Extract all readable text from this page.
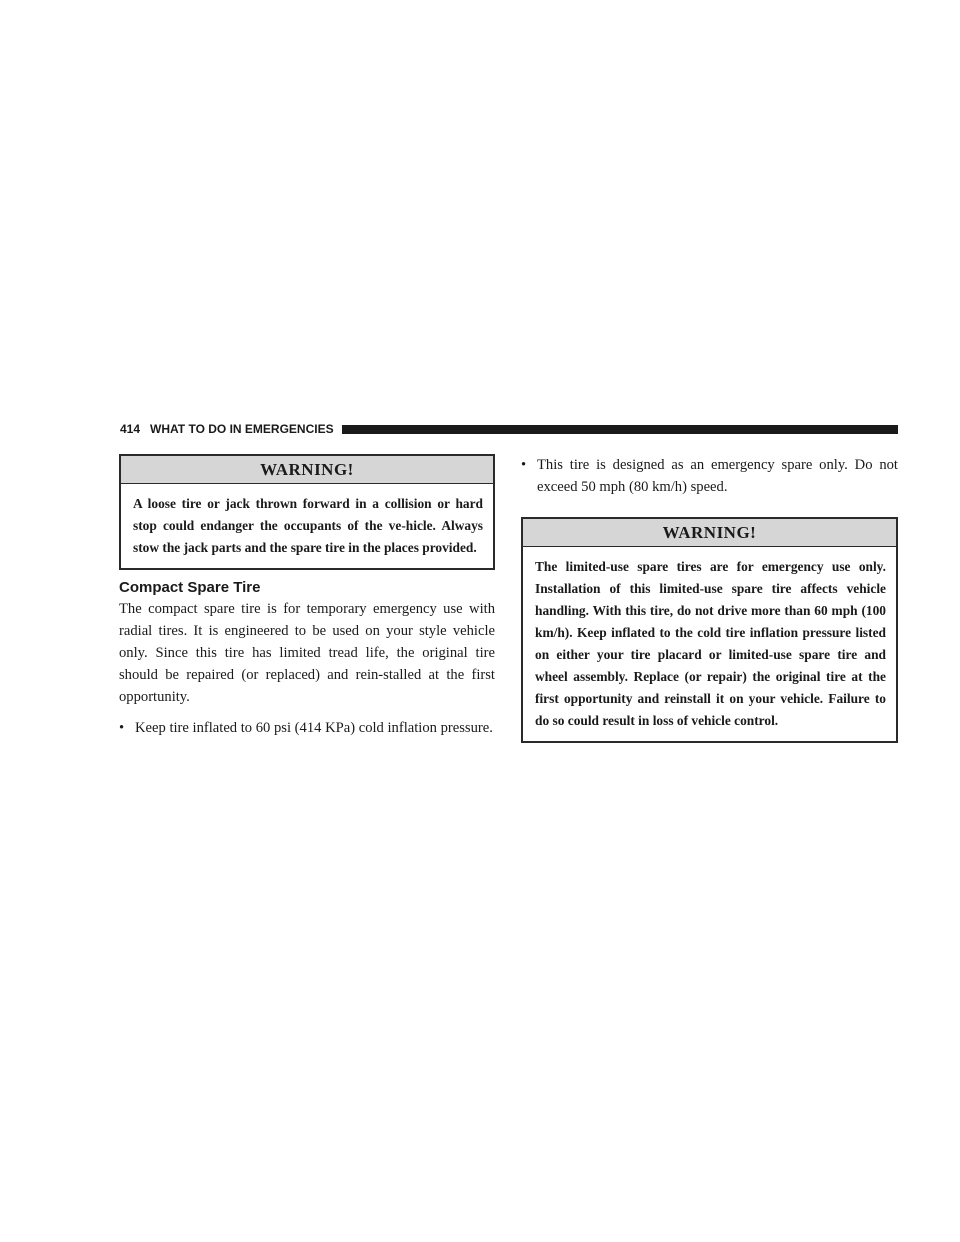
414 WHAT TO DO IN EMERGENCIES
WARNING!
A loose tire or jack thrown forward in a collision or hard stop could endanger the occupants of the ve-hicle. Always stow the jack parts and the spare tire in the places provided.
Compact Spare Tire

The compact spare tire is for temporary emergency use with radial tires. It is engineered to be used on your style vehicle only. Since this tire has limited tread life, the original tire should be repaired (or replaced) and rein-stalled at the first opportunity.

• Keep tire inflated to 60 psi (414 KPa) cold inflation pressure.
• This tire is designed as an emergency spare only. Do not exceed 50 mph (80 km/h) speed.
WARNING!
The limited-use spare tires are for emergency use only. Installation of this limited-use spare tire affects vehicle handling. With this tire, do not drive more than 60 mph (100 km/h). Keep inflated to the cold tire inflation pressure listed on either your tire placard or limited-use spare tire and wheel assembly. Replace (or repair) the original tire at the first opportunity and reinstall it on your vehicle. Failure to do so could result in loss of vehicle control.
